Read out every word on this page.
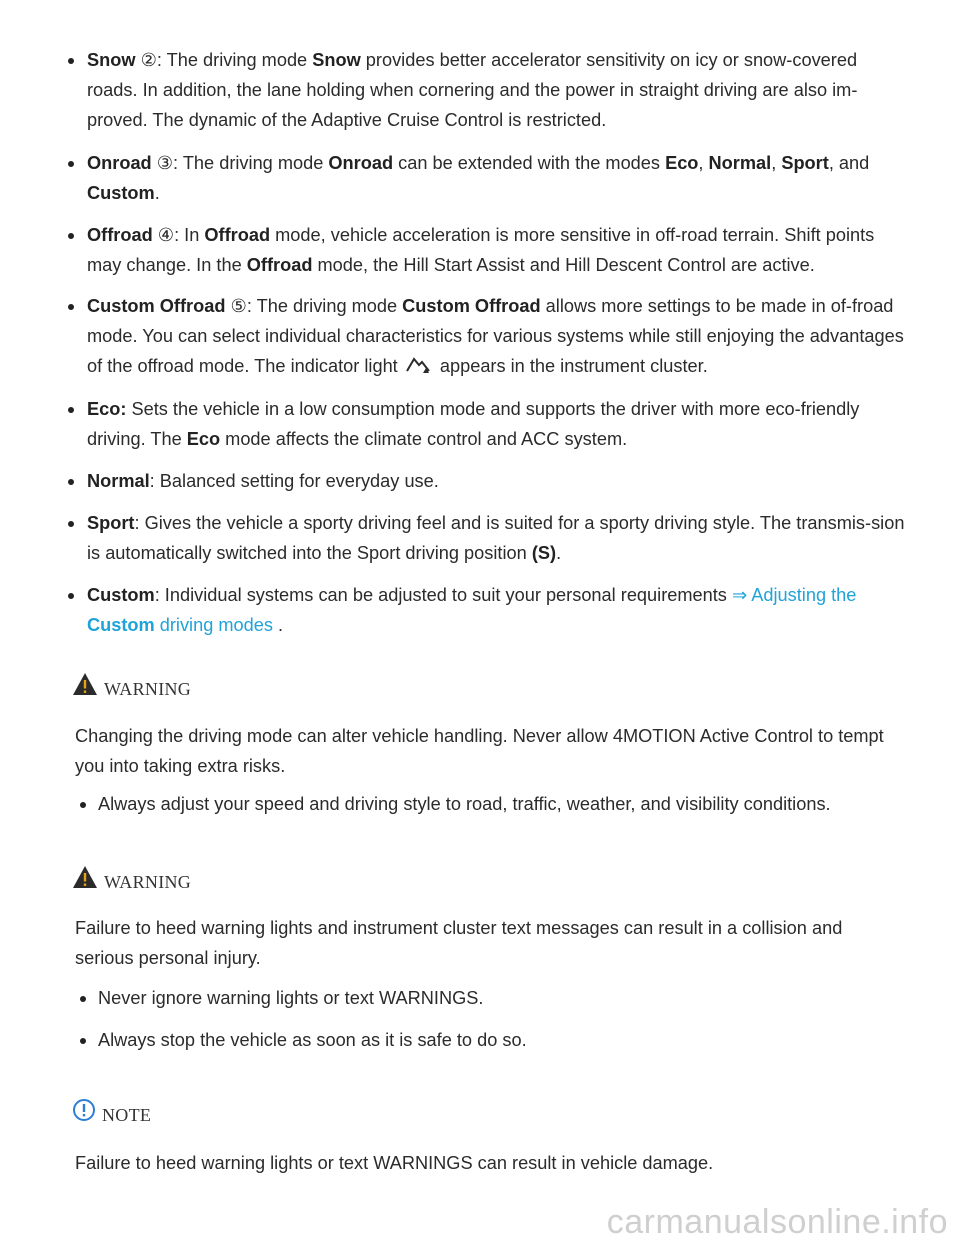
Snow ②: The driving mode Snow provides better accelerator sensitivity on icy or snow-covered roads. In addition, the lane holding when cornering and the power in straight driving are also im-proved. The dynamic of the Adaptive Cruise Control is restricted.
Onroad ③: The driving mode Onroad can be extended with the modes Eco, Normal, Sport, and
Custom.
Offroad ④: In Offroad mode, vehicle acceleration is more sensitive in off-road terrain. Shift points may change. In the Offroad mode, the Hill Start Assist and Hill Descent Control are active.
Custom Offroad ⑤: The driving mode Custom Offroad allows more settings to be made in of-froad mode. You can select individual characteristics for various systems while still enjoying the advantages of the offroad mode. The indicator light appears in the instrument cluster.
Eco: Sets the vehicle in a low consumption mode and supports the driver with more eco-friendly driving. The Eco mode affects the climate control and ACC system.
Normal: Balanced setting for everyday use.
Sport: Gives the vehicle a sporty driving feel and is suited for a sporty driving style. The transmis-sion is automatically switched into the Sport driving position (S).
Custom: Individual systems can be adjusted to suit your personal requirements ⇒ Adjusting the
Custom driving modes .
WARNING
Changing the driving mode can alter vehicle handling. Never allow 4MOTION Active Control to tempt you into taking extra risks.
Always adjust your speed and driving style to road, traffic, weather, and visibility conditions.
WARNING
Failure to heed warning lights and instrument cluster text messages can result in a collision and serious personal injury.
Never ignore warning lights or text WARNINGS.
Always stop the vehicle as soon as it is safe to do so.
NOTE
Failure to heed warning lights or text WARNINGS can result in vehicle damage.
carmanualsonline.info
